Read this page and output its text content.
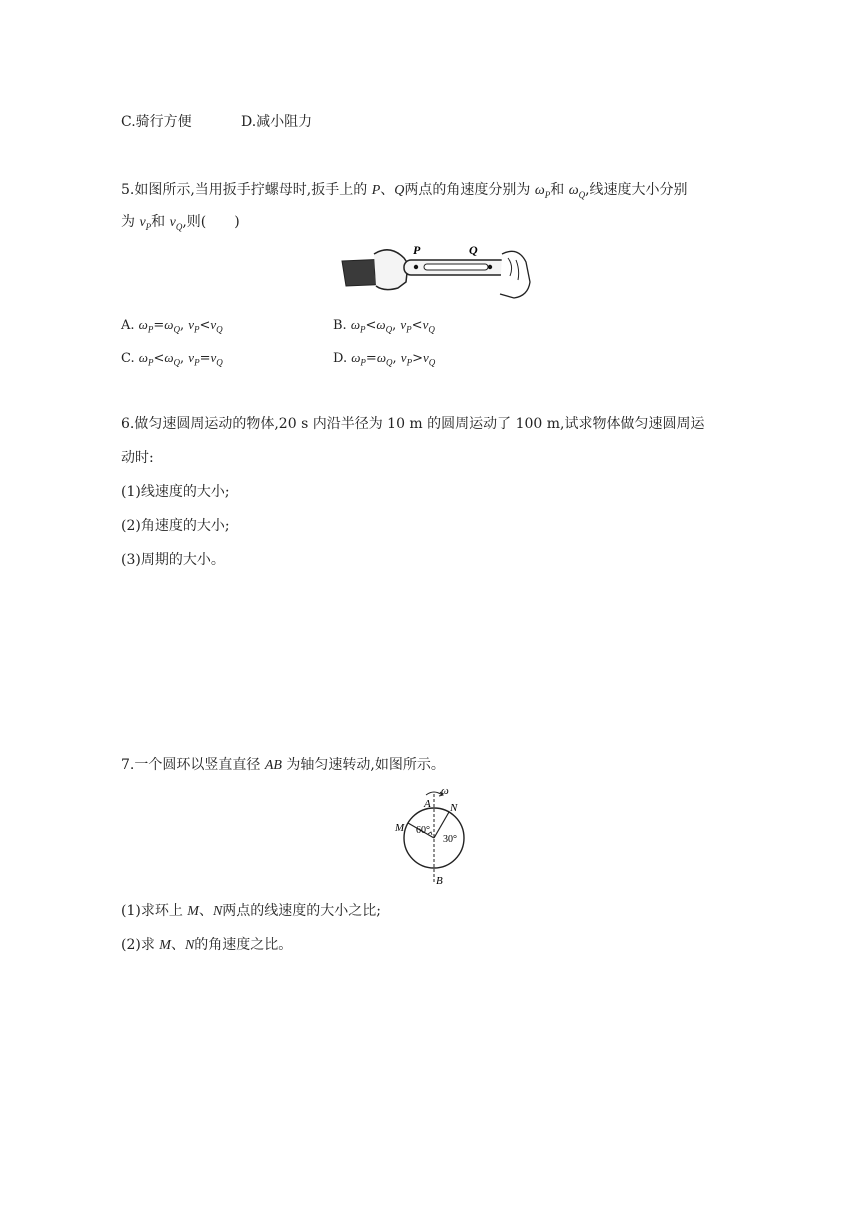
C.骑行方便	D.减小阻力
5.如图所示,当用扳手拧螺母时,扳手上的 P、Q两点的角速度分别为 $\omega_P$和 $\omega_Q$,线速度大小分别
为 $v_P$和 $v_Q$,则(　　)
P	Q
A. $\omega_P=\omega_Q$, $v_P<v_Q$	B. $\omega_P<\omega_Q$, $v_P<v_Q$
C. $\omega_P<\omega_Q$, $v_P=v_Q$	D. $\omega_P=\omega_Q$, $v_P>v_Q$
6.做匀速圆周运动的物体,20 s 内沿半径为 10 m 的圆周运动了 100 m,试求物体做匀速圆周运
动时:
(1)线速度的大小;
(2)角速度的大小;
(3)周期的大小。
7.一个圆环以竖直直径 AB 为轴匀速转动,如图所示。
ω
A N
M 60°
30°
B
(1)求环上 M、N两点的线速度的大小之比;
(2)求 M、N的角速度之比。
